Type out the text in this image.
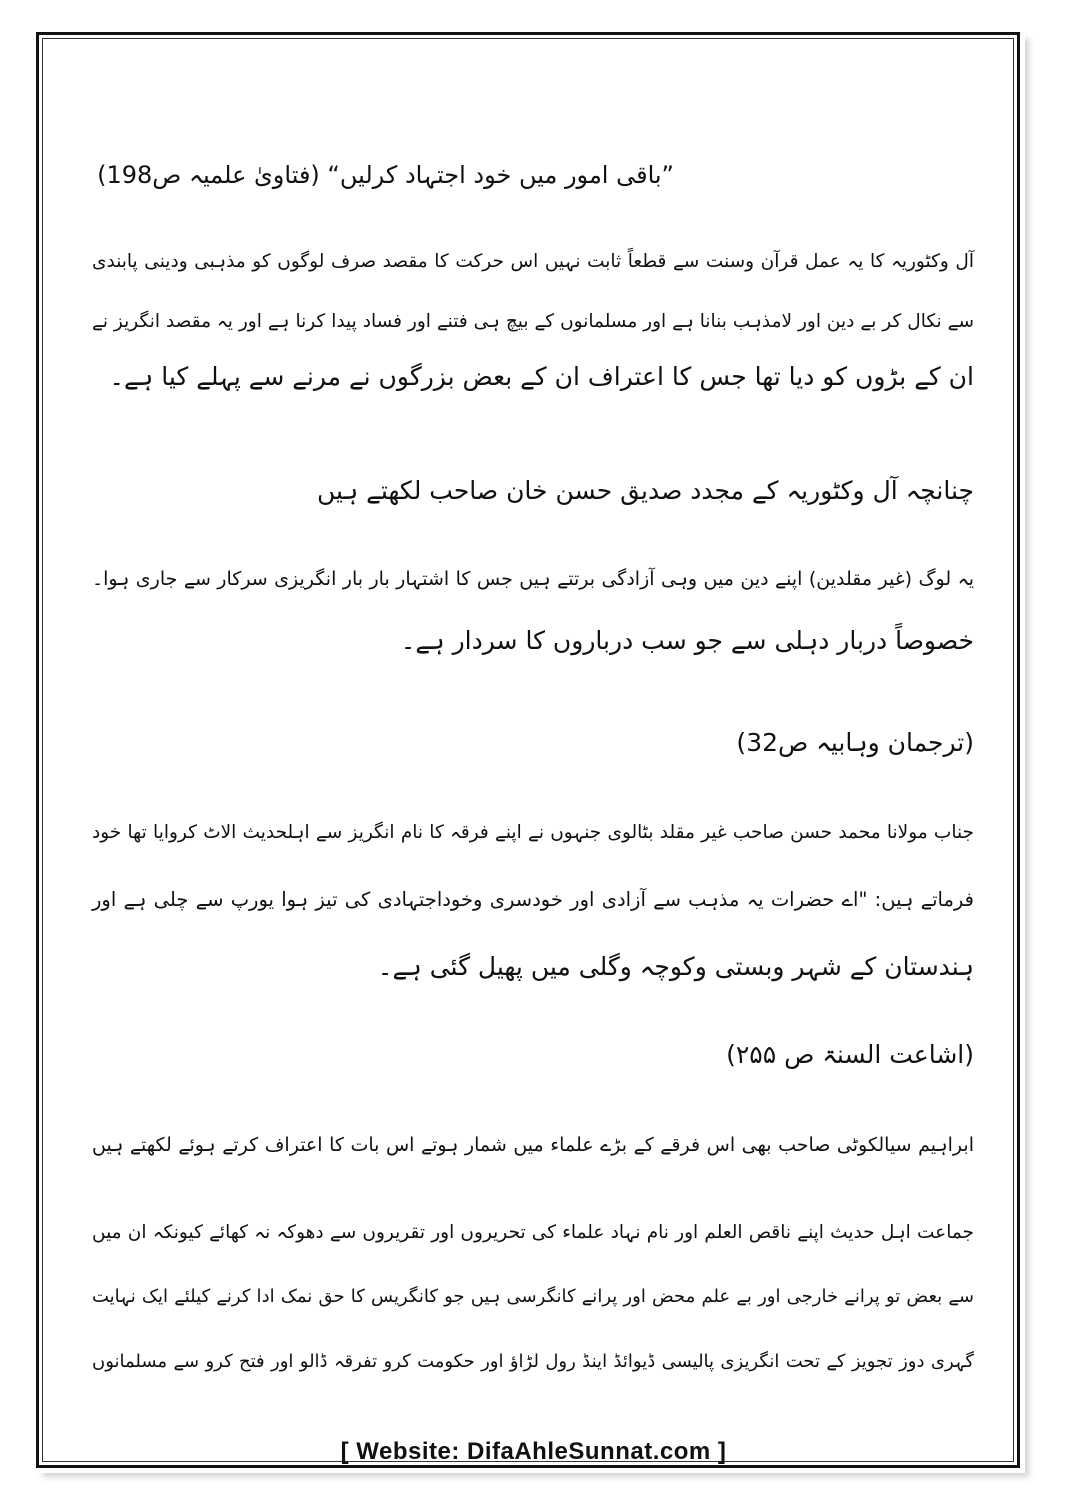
”باقی امور میں خود اجتہاد کرلیں“ (فتاویٰ علمیہ ص198)
آل وکٹوریہ کا یہ عمل قرآن وسنت سے قطعاً ثابت نہیں اس حرکت کا مقصد صرف لوگوں کو مذہبی ودینی پابندی
سے نکال کر بے دین اور لامذہب بنانا ہے اور مسلمانوں کے بیچ ہی فتنے اور فساد پیدا کرنا ہے اور یہ مقصد انگریز نے
ان کے بڑوں کو دیا تھا جس کا اعتراف ان کے بعض بزرگوں نے مرنے سے پہلے کیا ہے۔
چنانچہ آل وکٹوریہ کے مجدد صدیق حسن خان صاحب لکھتے ہیں
یہ لوگ (غیر مقلدین) اپنے دین میں وہی آزادگی برتتے ہیں جس کا اشتہار بار بار انگریزی سرکار سے جاری ہوا۔
خصوصاً دربار دہلی سے جو سب درباروں کا سردار ہے۔
(ترجمان وہابیہ ص32)
جناب مولانا محمد حسن صاحب غیر مقلد بٹالوی جنہوں نے اپنے فرقہ کا نام انگریز سے اہلحدیث الاٹ کروایا تھا خود
فرماتے ہیں: "اے حضرات یہ مذہب سے آزادی اور خودسری وخوداجتہادی کی تیز ہوا یورپ سے چلی ہے اور
ہندستان کے شہر وبستی وکوچہ وگلی میں پھیل گئی ہے۔
(اشاعت السنۃ ص ۲۵۵)
ابراہیم سیالکوٹی صاحب بھی اس فرقے کے بڑے علماء میں شمار ہوتے اس بات کا اعتراف کرتے ہوئے لکھتے ہیں
جماعت اہل حدیث اپنے ناقص العلم اور نام نہاد علماء کی تحریروں اور تقریروں سے دھوکہ نہ کھائے کیونکہ ان میں
سے بعض تو پرانے خارجی اور بے علم محض اور پرانے کانگرسی ہیں جو کانگریس کا حق نمک ادا کرنے کیلئے ایک نہایت
گہری دوز تجویز کے تحت انگریزی پالیسی ڈیوائڈ اینڈ رول لڑاؤ اور حکومت کرو تفرقہ ڈالو اور فتح کرو سے مسلمانوں
[ Website: DifaAhleSunnat.com ]
